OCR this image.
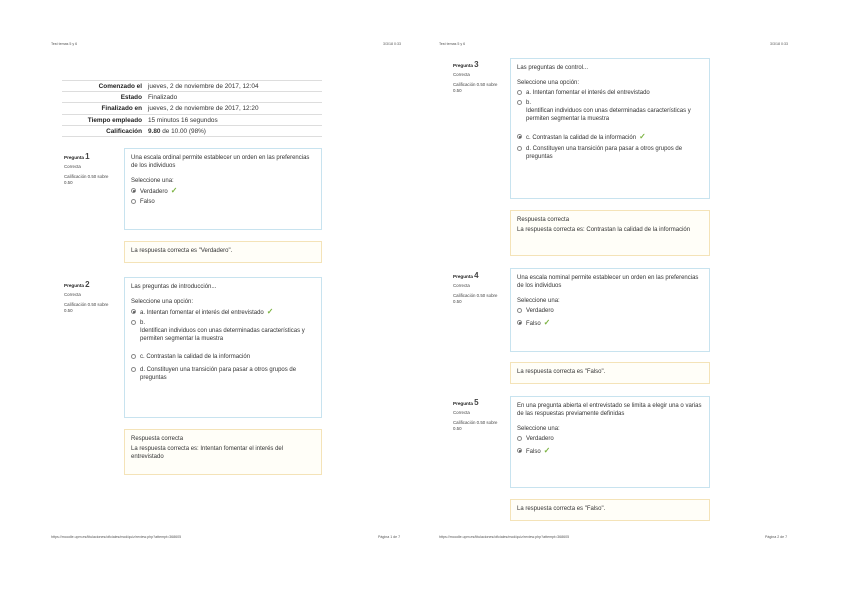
Test temas 5 y 6	3/3/18 0:33
Comenzado el	jueves, 2 de noviembre de 2017, 12:04
Estado	Finalizado
Finalizado en	jueves, 2 de noviembre de 2017, 12:20
Tiempo empleado	15 minutos 16 segundos
Calificación	9.80 de 10.00 (98%)
Pregunta 1
Correcta
Calificación 0.50 sobre 0.50
Una escala ordinal permite establecer un orden en las preferencias de los individuos
Seleccione una:
Verdadero ✓
Falso
La respuesta correcta es "Verdadero".
Pregunta 2
Correcta
Calificación 0.50 sobre 0.50
Las preguntas de introducción...
Seleccione una opción:
a. Intentan fomentar el interés del entrevistado ✓
b.
Identifican individuos con unas determinadas características y permiten segmentar la muestra
c. Contrastan la calidad de la información
d. Constituyen una transición para pasar a otros grupos de preguntas
Respuesta correcta
La respuesta correcta es: Intentan fomentar el interés del entrevistado
https://moodle.upm.es/titulaciones/oficiales/mod/quiz/review.php?attempt=368605	Página 1 de 7
Test temas 5 y 6	3/3/18 0:33
Pregunta 3
Correcta
Calificación 0.50 sobre 0.50
Las preguntas de control...
Seleccione una opción:
a. Intentan fomentar el interés del entrevistado
b.
Identifican individuos con unas determinadas características y permiten segmentar la muestra
c. Contrastan la calidad de la información ✓
d. Constituyen una transición para pasar a otros grupos de preguntas
Respuesta correcta
La respuesta correcta es: Contrastan la calidad de la información
Pregunta 4
Correcta
Calificación 0.50 sobre 0.50
Una escala nominal permite establecer un orden en las preferencias de los individuos
Seleccione una:
Verdadero
Falso ✓
La respuesta correcta es "Falso".
Pregunta 5
Correcta
Calificación 0.50 sobre 0.50
En una pregunta abierta el entrevistado se limita a elegir una o varias de las respuestas previamente definidas
Seleccione una:
Verdadero
Falso ✓
La respuesta correcta es "Falso".
https://moodle.upm.es/titulaciones/oficiales/mod/quiz/review.php?attempt=368605	Página 2 de 7
